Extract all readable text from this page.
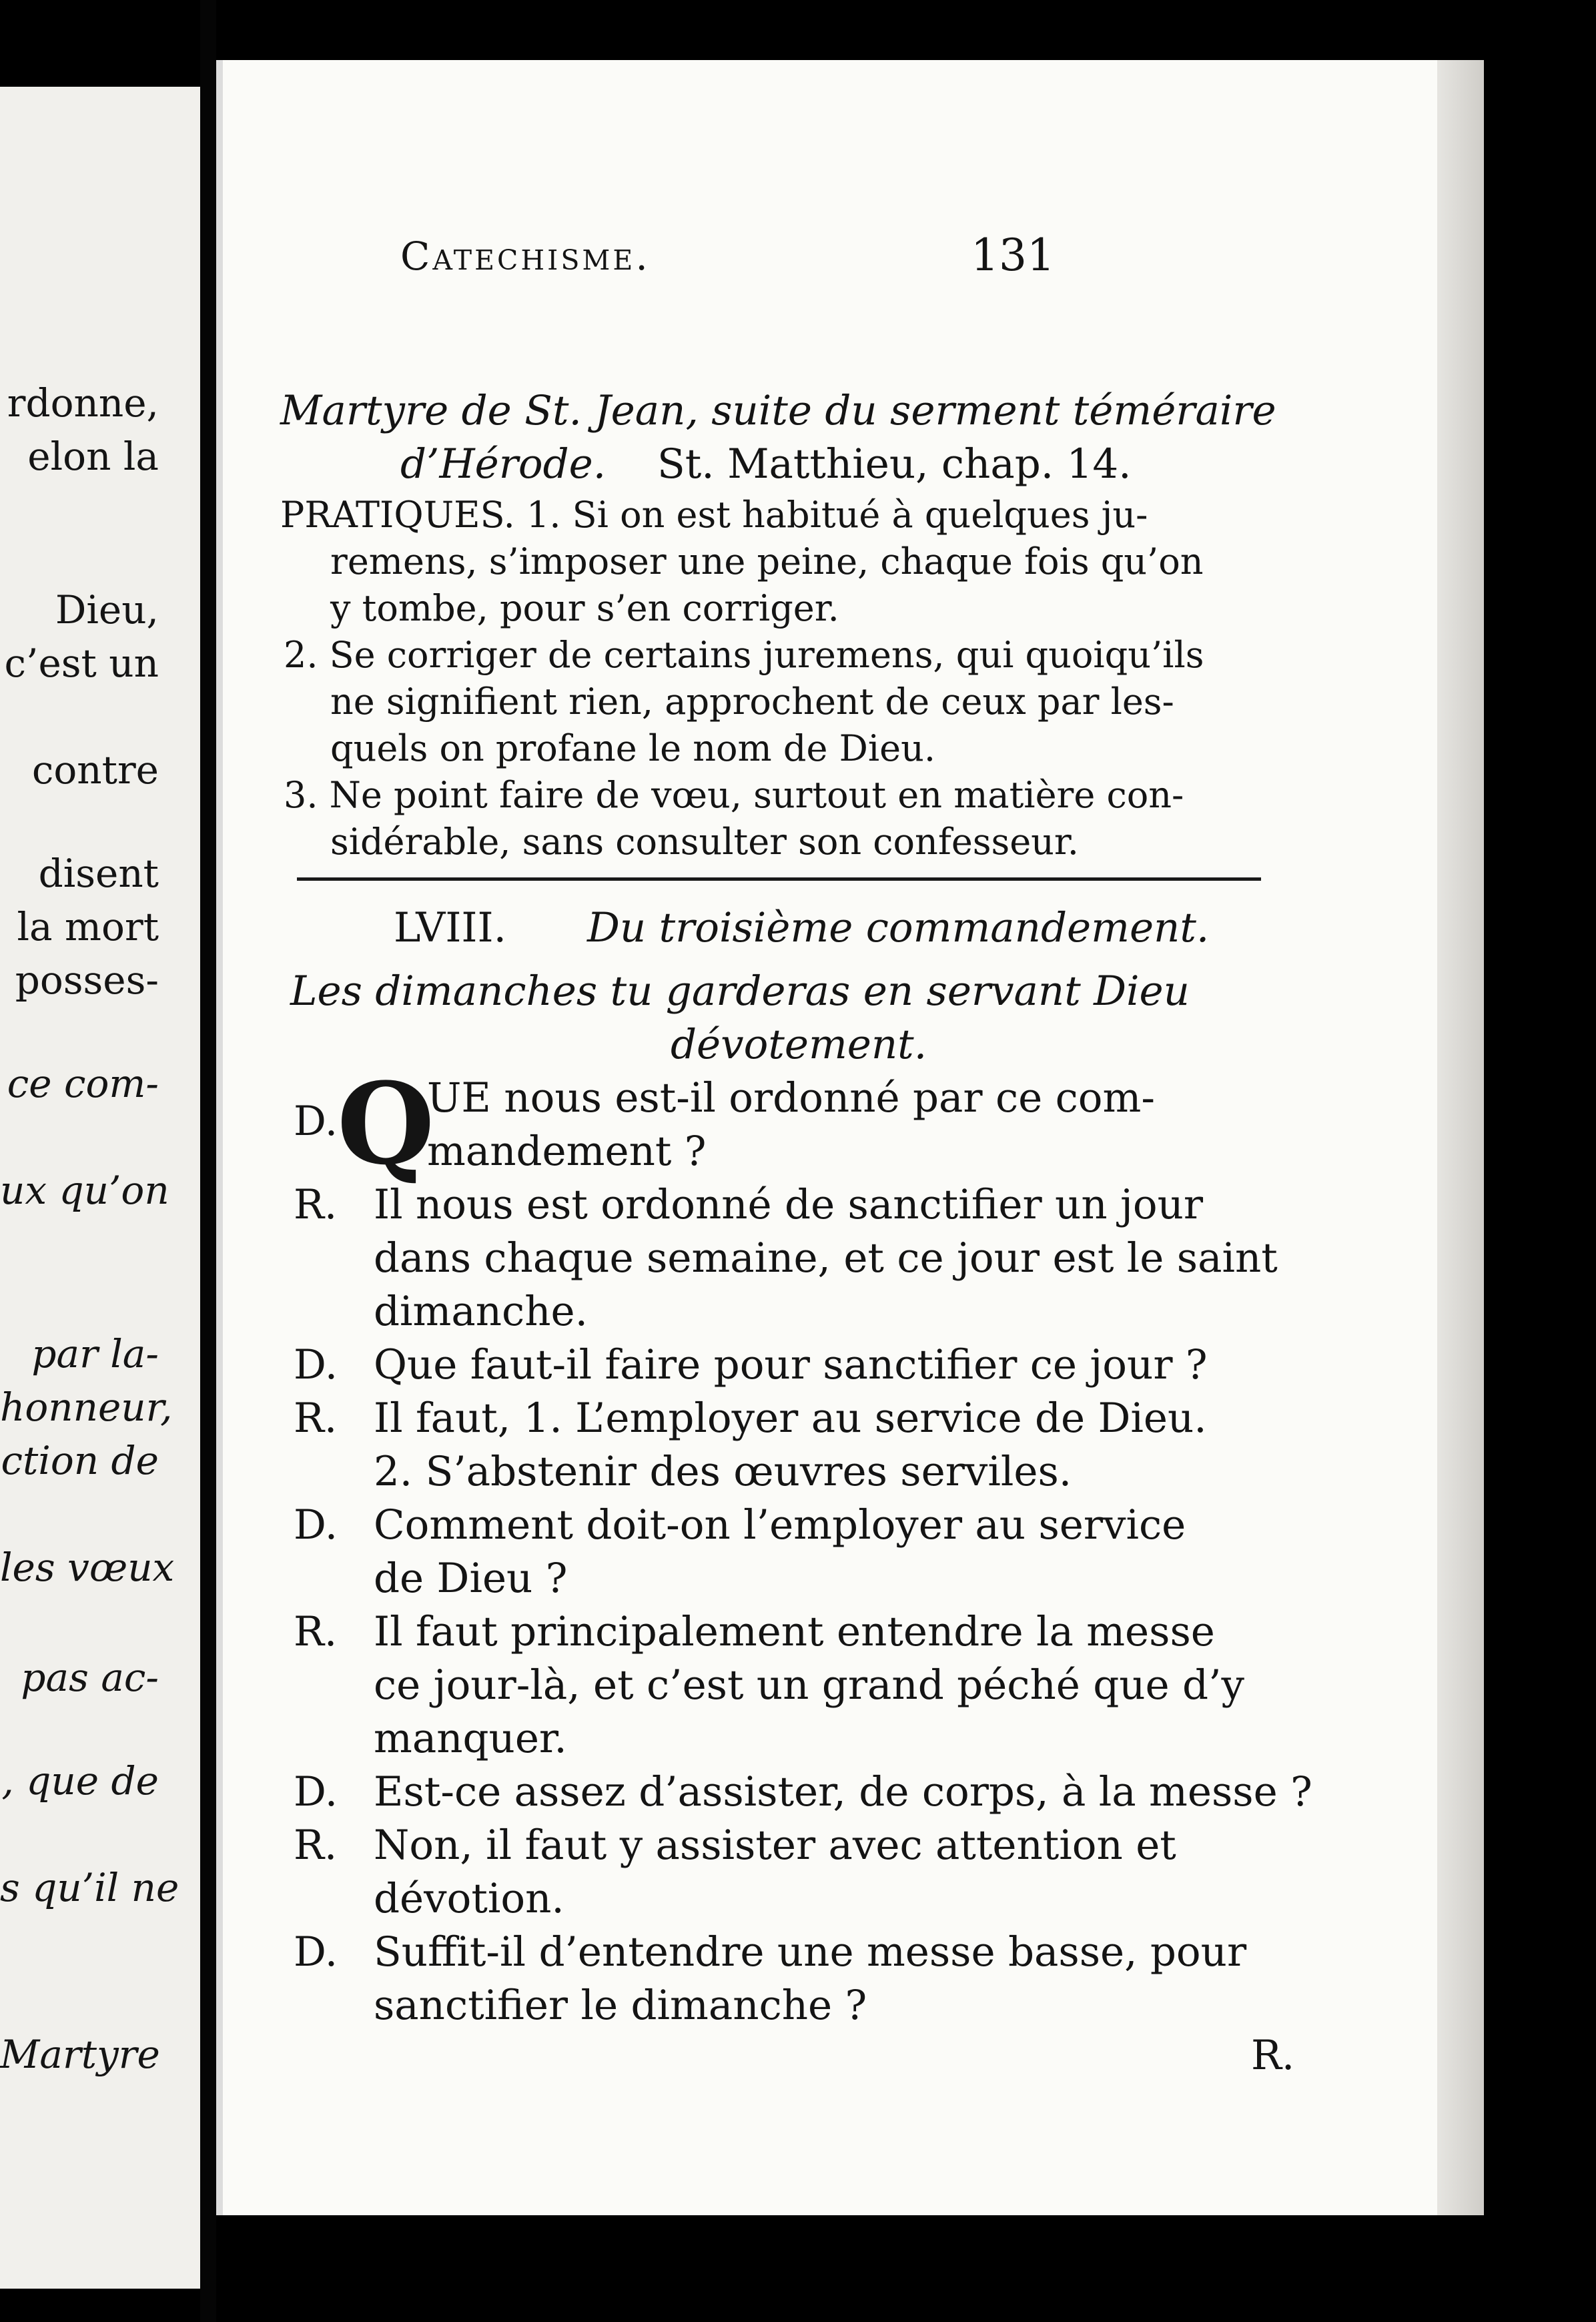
rdonne,
elon la
Dieu,
c’est un
contre
disent
la mort
posses-
ce com-
ux qu’on
par la-
honneur,
ction de
les vœux
pas ac-
, que de
s qu’il ne
Martyre
Catechisme.	131
Martyre de St. Jean, suite du serment téméraire
d’Hérode. St. Matthieu, chap. 14.
PRATIQUES. 1. Si on est habitué à quelques ju-
remens, s’imposer une peine, chaque fois qu’on
y tombe, pour s’en corriger.
2. Se corriger de certains juremens, qui quoiqu’ils
ne signifient rien, approchent de ceux par les-
quels on profane le nom de Dieu.
3. Ne point faire de vœu, surtout en matière con-
sidérable, sans consulter son confesseur.
LVIII. Du troisième commandement.
Les dimanches tu garderas en servant Dieu
dévotement.
D.
Q
UE nous est-il ordonné par ce com-
mandement ?
R. Il nous est ordonné de sanctifier un jour
dans chaque semaine, et ce jour est le saint
dimanche.
D. Que faut-il faire pour sanctifier ce jour ?
R. Il faut, 1. L’employer au service de Dieu.
2. S’abstenir des œuvres serviles.
D. Comment doit-on l’employer au service
de Dieu ?
R. Il faut principalement entendre la messe
ce jour-là, et c’est un grand péché que d’y
manquer.
D. Est-ce assez d’assister, de corps, à la messe ?
R. Non, il faut y assister avec attention et
dévotion.
D. Suffit-il d’entendre une messe basse, pour
sanctifier le dimanche ?
R.
